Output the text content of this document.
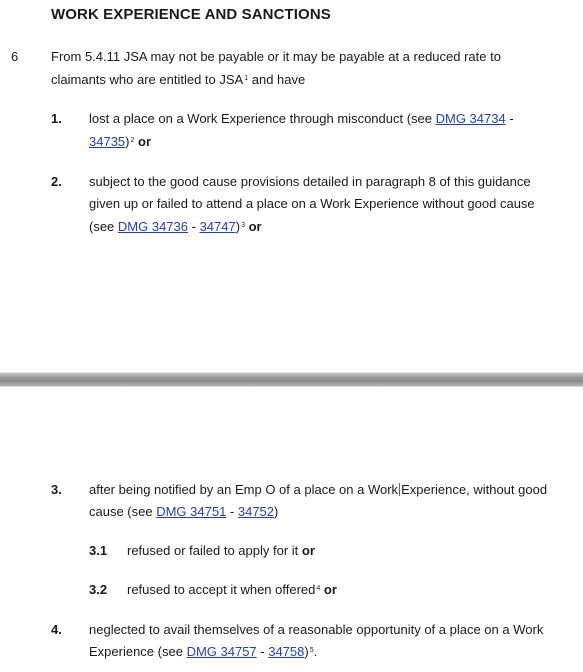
WORK EXPERIENCE AND SANCTIONS
6	From 5.4.11 JSA may not be payable or it may be payable at a reduced rate to
claimants who are entitled to JSA$^1$ and have
1. lost a place on a Work Experience through misconduct (see DMG 34734 -
34735)$^2$ or
2. subject to the good cause provisions detailed in paragraph 8 of this guidance
given up or failed to attend a place on a Work Experience without good cause
(see DMG 34736 - 34747)$^3$ or
3. after being notified by an Emp O of a place on a Work Experience, without good
cause (see DMG 34751 - 34752)
3.1 refused or failed to apply for it or
3.2 refused to accept it when offered$^4$ or
4. neglected to avail themselves of a reasonable opportunity of a place on a Work
Experience (see DMG 34757 - 34758)$^5$.
